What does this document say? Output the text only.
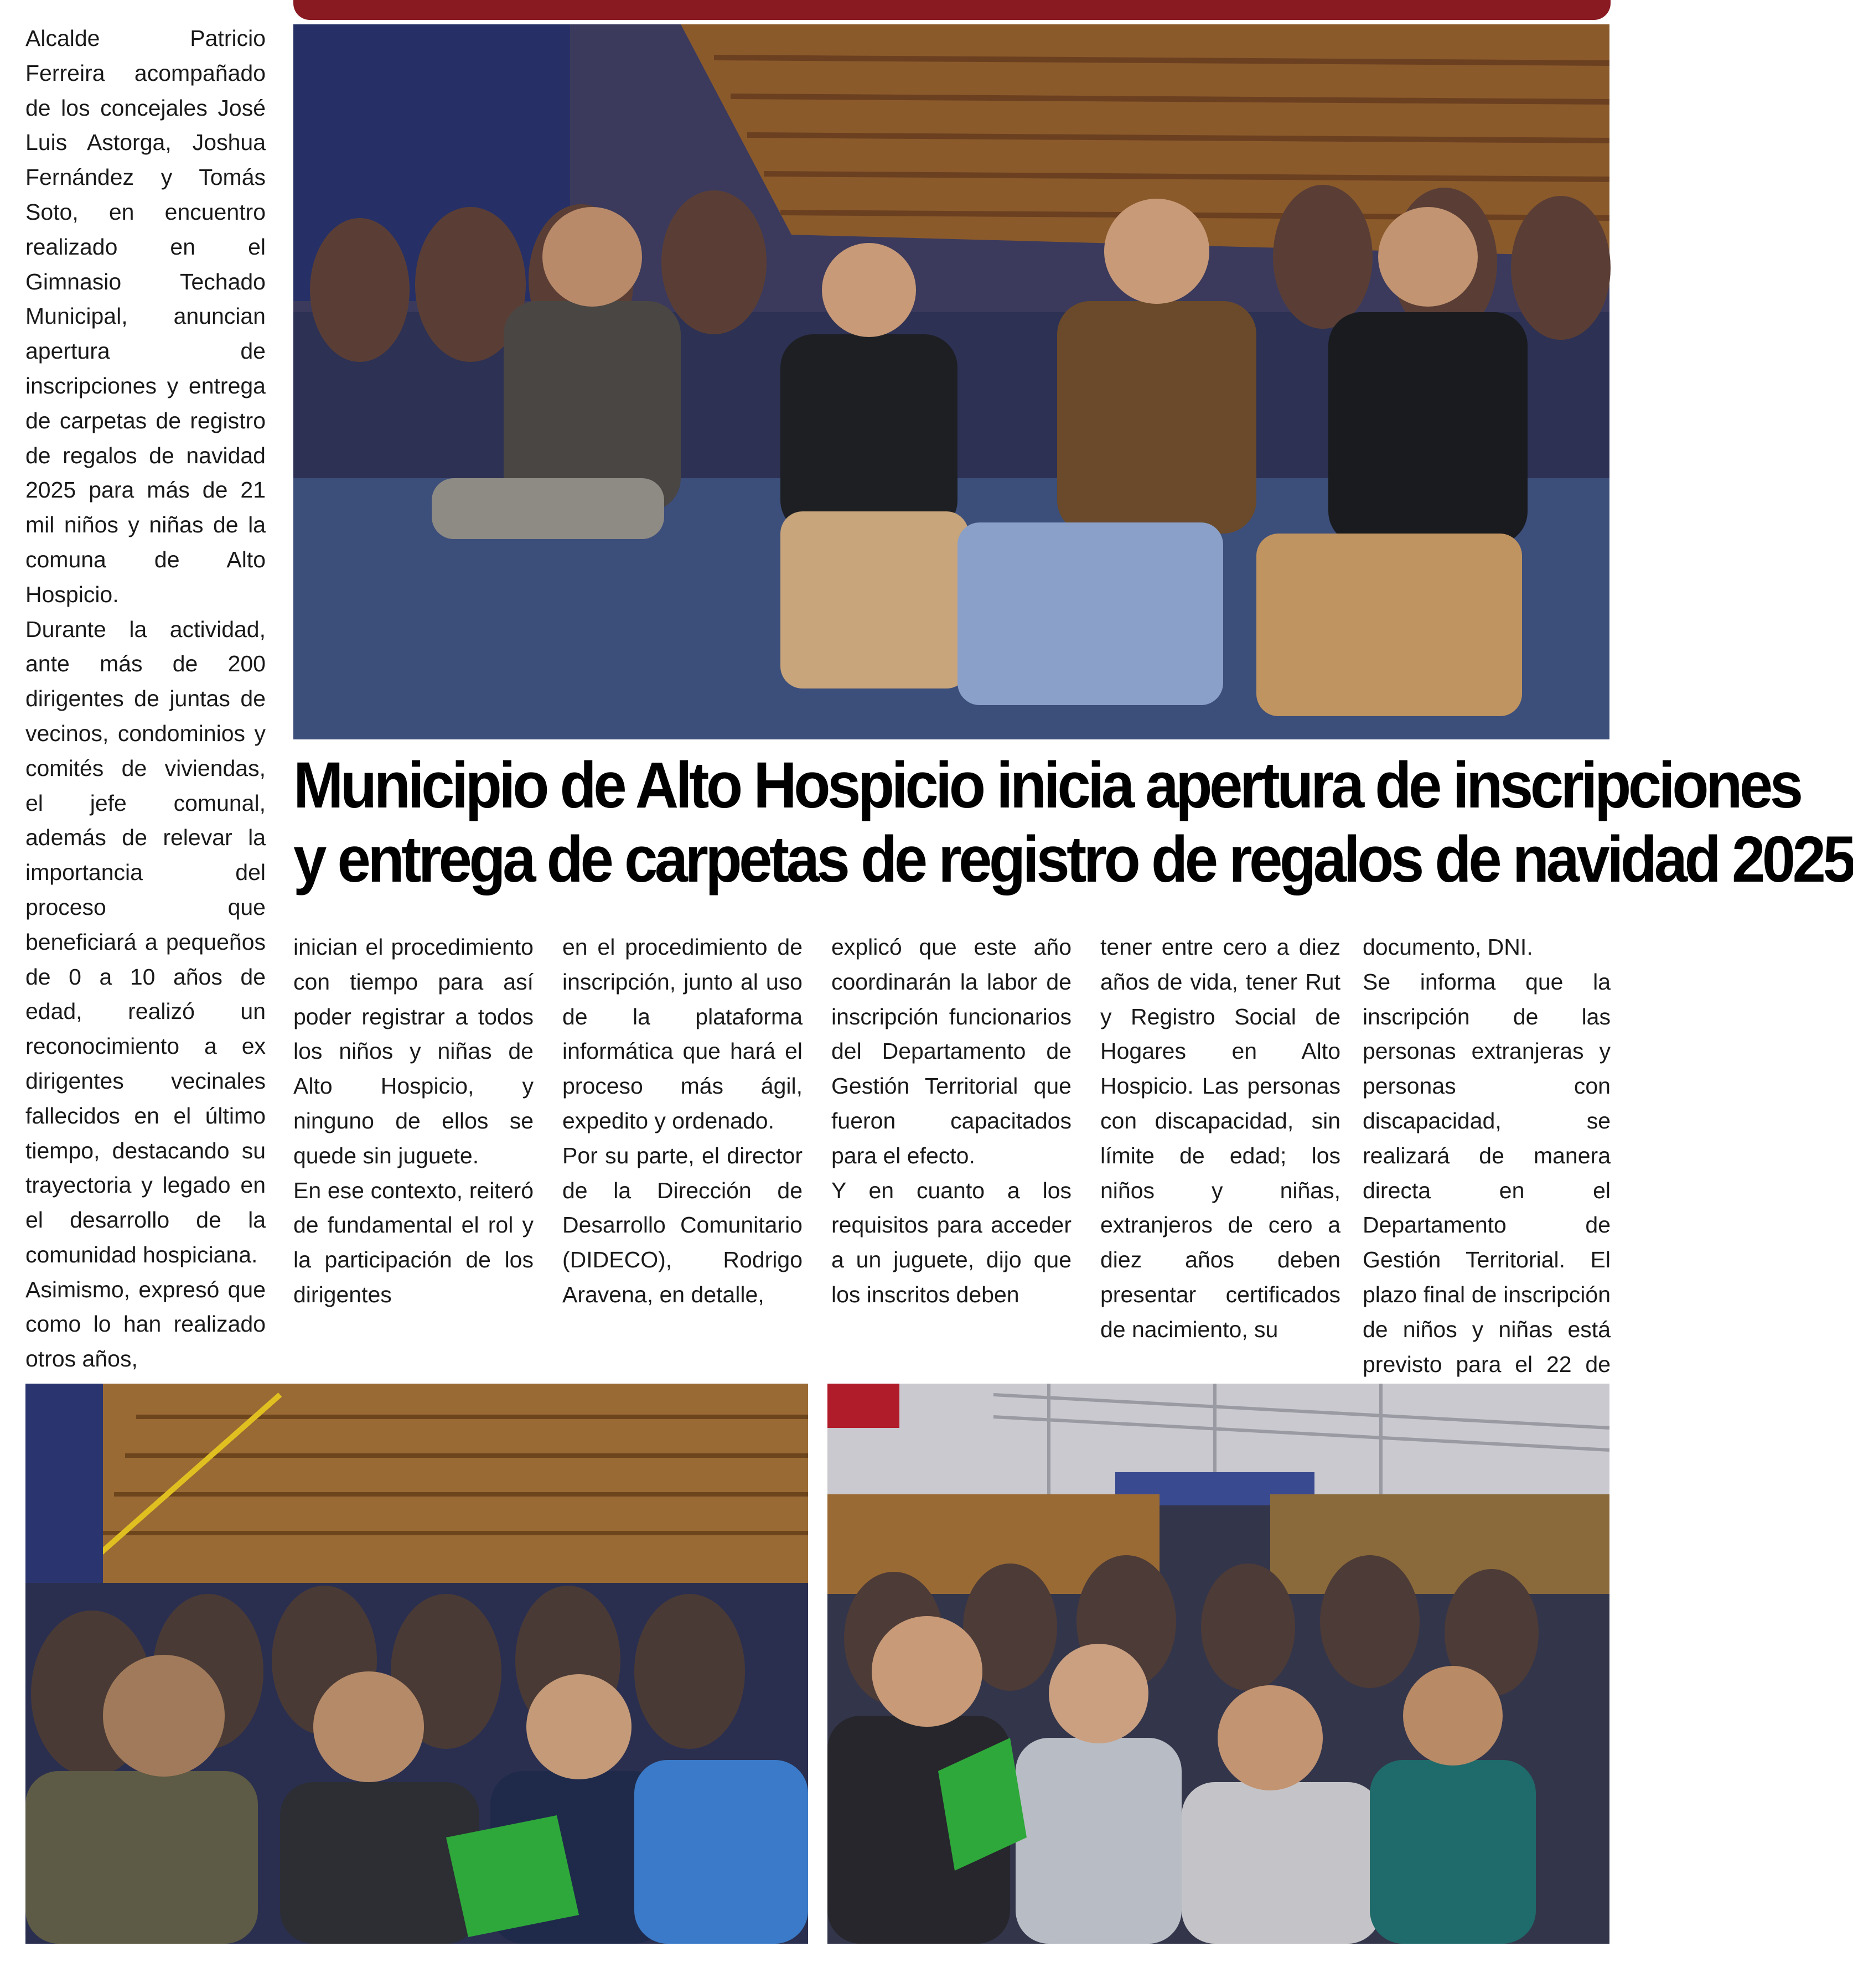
Alcalde Patricio Ferreira acompañado de los concejales José Luis Astorga, Joshua Fernández y Tomás Soto, en encuentro realizado en el Gimnasio Techado Municipal, anuncian apertura de inscripciones y entrega de carpetas de registro de regalos de navidad 2025 para más de 21 mil niños y niñas de la comuna de Alto Hospicio.

Durante la actividad, ante más de 200 dirigentes de juntas de vecinos, condominios y comités de viviendas, el jefe comunal, además de relevar la importancia del proceso que beneficiará a pequeños de 0 a 10 años de edad, realizó un reconocimiento a ex dirigentes vecinales fallecidos en el último tiempo, destacando su trayectoria y legado en el desarrollo de la comunidad hospiciana.

Asimismo, expresó que como lo han realizado otros años,

Municipio de Alto Hospicio inicia apertura de inscripciones
y entrega de carpetas de registro de regalos de navidad 2025

inician el procedimiento con tiempo para así poder registrar a todos los niños y niñas de Alto Hospicio, y ninguno de ellos se quede sin juguete.

En ese contexto, reiteró de fundamental el rol y la participación de los dirigentes

en el procedimiento de inscripción, junto al uso de la plataforma informática que hará el proceso más ágil, expedito y ordenado.

Por su parte, el director de la Dirección de Desarrollo Comunitario (DIDECO), Rodrigo Aravena, en detalle,

explicó que este año coordinarán la labor de inscripción funcionarios del Departamento de Gestión Territorial que fueron capacitados para el efecto.

Y en cuanto a los requisitos para acceder a un juguete, dijo que los inscritos deben

tener entre cero a diez años de vida, tener Rut y Registro Social de Hogares en Alto Hospicio. Las personas con discapacidad, sin límite de edad; los niños y niñas, extranjeros de cero a diez años deben presentar certificados de nacimiento, su

documento, DNI.

Se informa que la inscripción de las personas extranjeras y personas con discapacidad, se realizará de manera directa en el Departamento de Gestión Territorial. El plazo final de inscripción de niños y niñas está previsto para el 22 de
